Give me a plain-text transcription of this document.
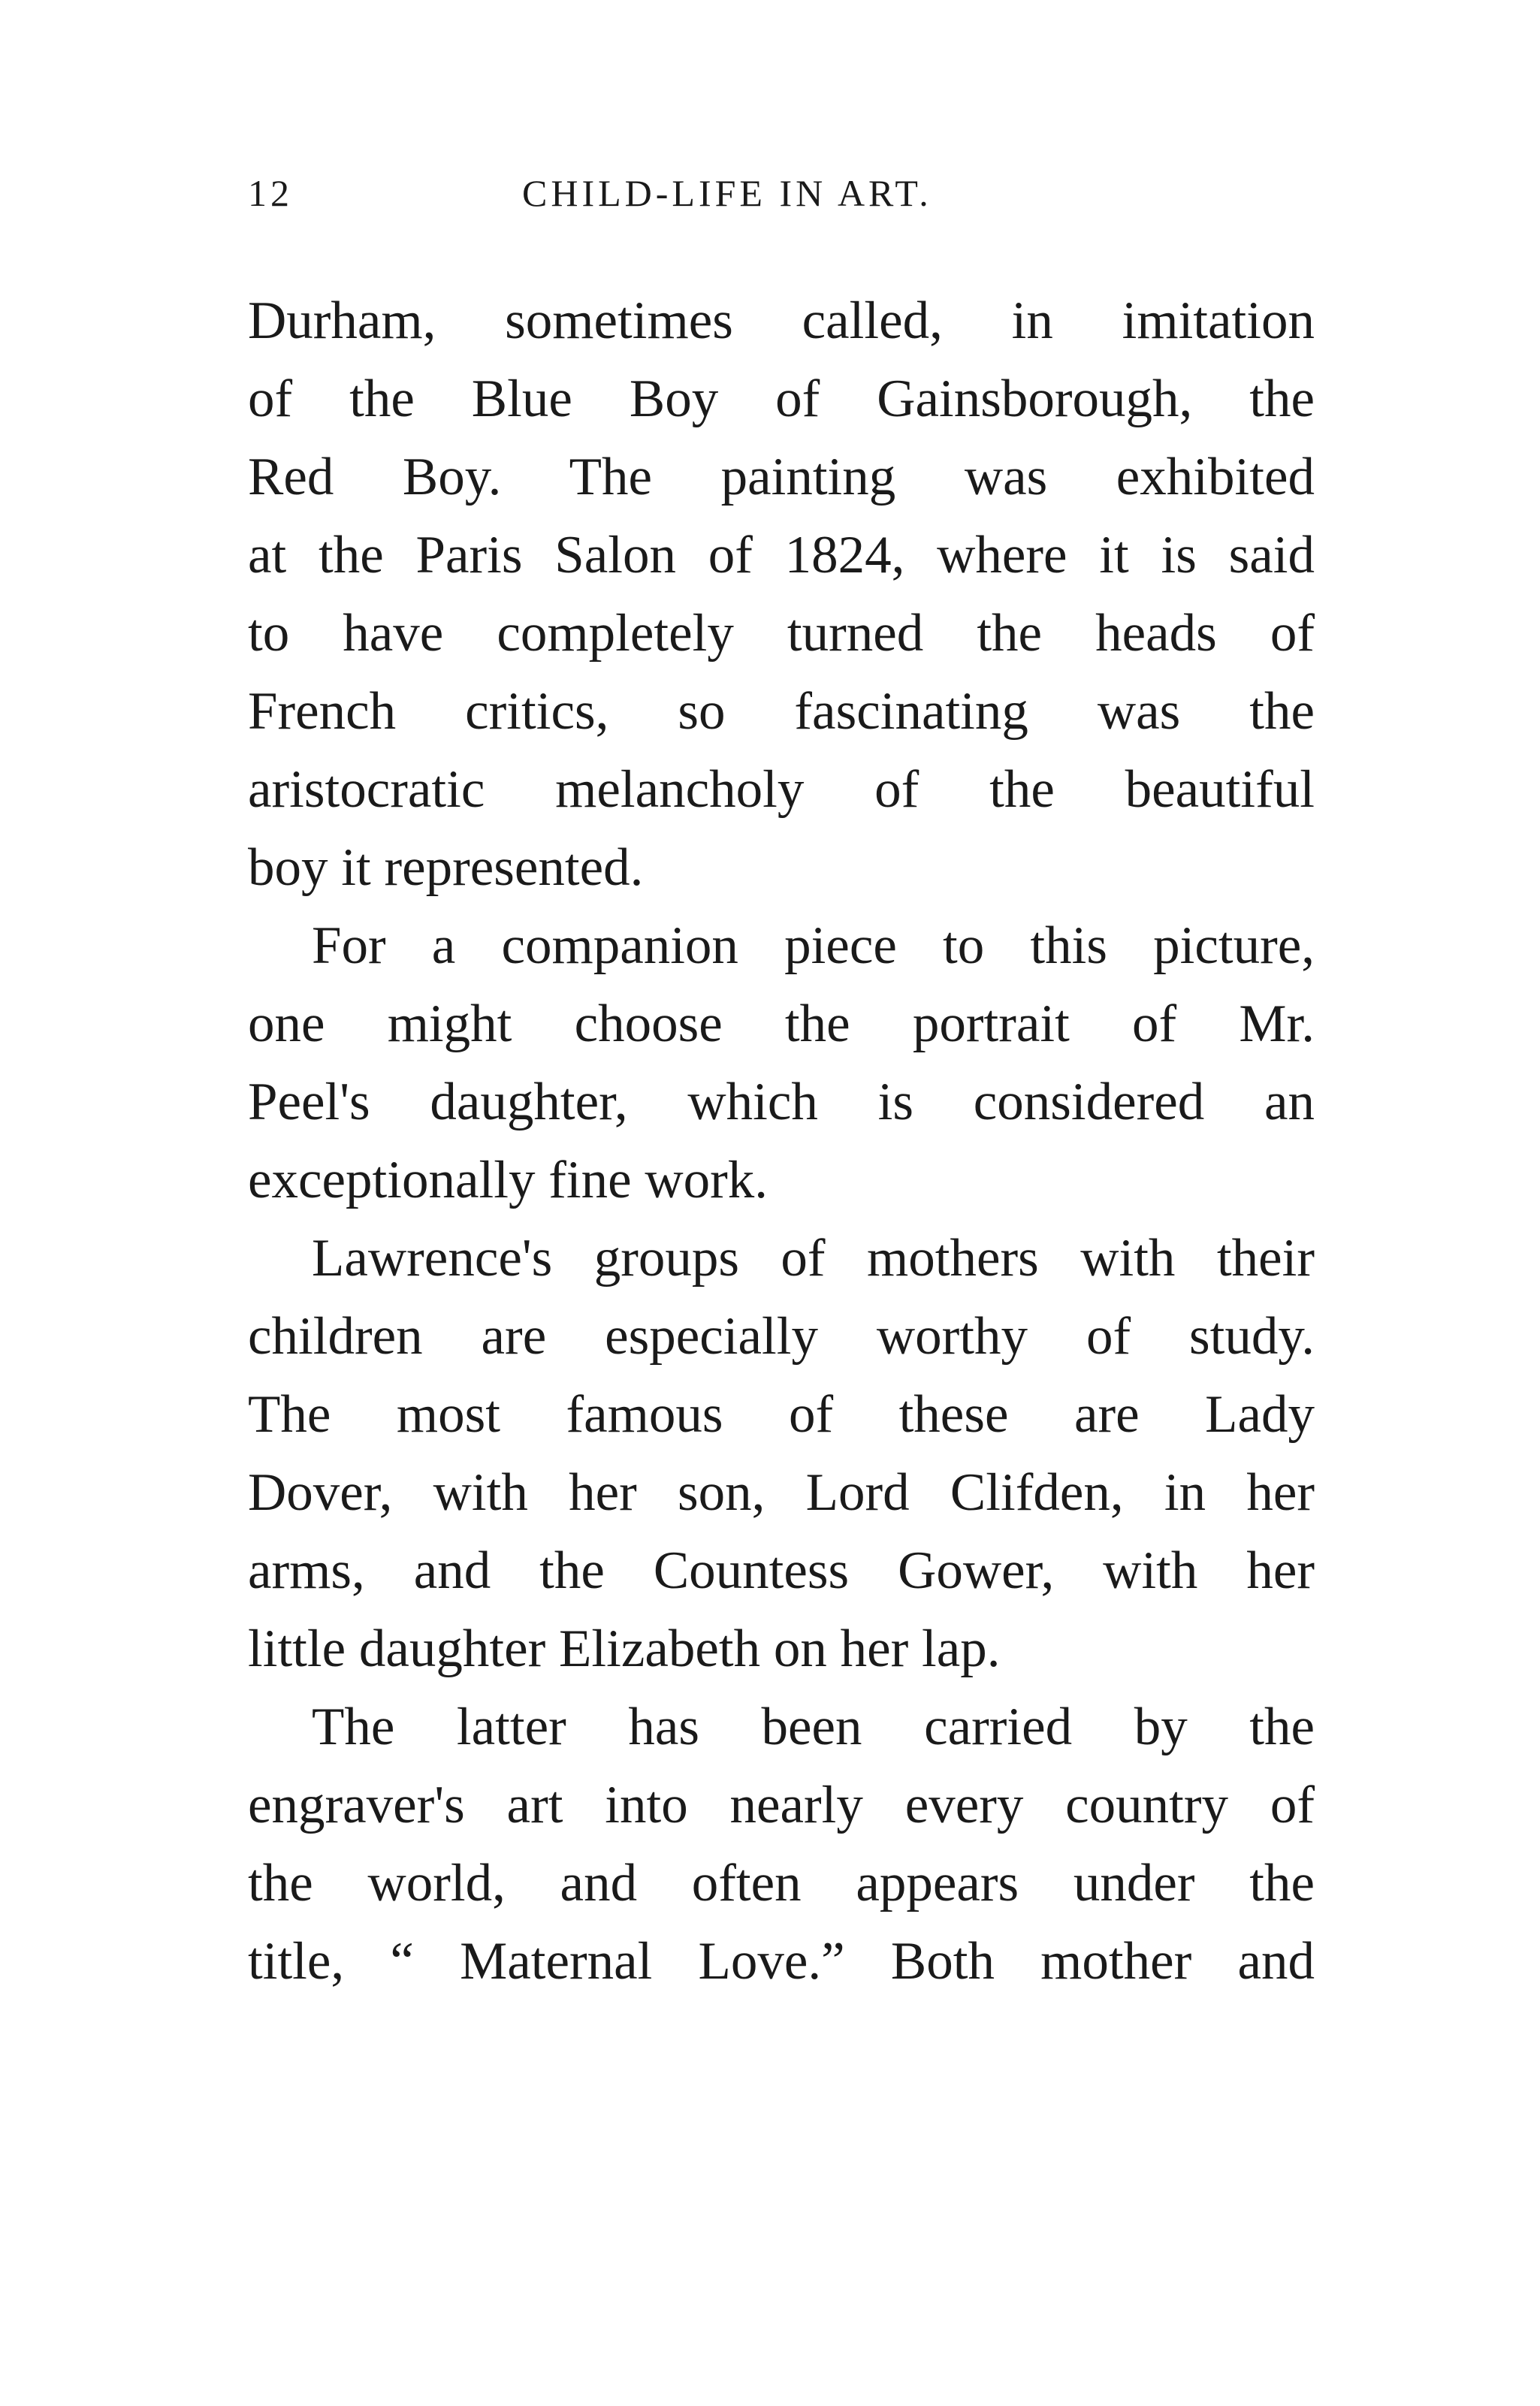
12	CHILD-LIFE IN ART.
Durham, sometimes called, in imitation
of the Blue Boy of Gainsborough, the
Red Boy. The painting was exhibited
at the Paris Salon of 1824, where it is said
to have completely turned the heads of
French critics, so fascinating was the
aristocratic melancholy of the beautiful
boy it represented.
For a companion piece to this picture,
one might choose the portrait of Mr.
Peel's daughter, which is considered an
exceptionally fine work.
Lawrence's groups of mothers with their
children are especially worthy of study.
The most famous of these are Lady
Dover, with her son, Lord Clifden, in her
arms, and the Countess Gower, with her
little daughter Elizabeth on her lap.
The latter has been carried by the
engraver's art into nearly every country of
the world, and often appears under the
title, “ Maternal Love.” Both mother and
